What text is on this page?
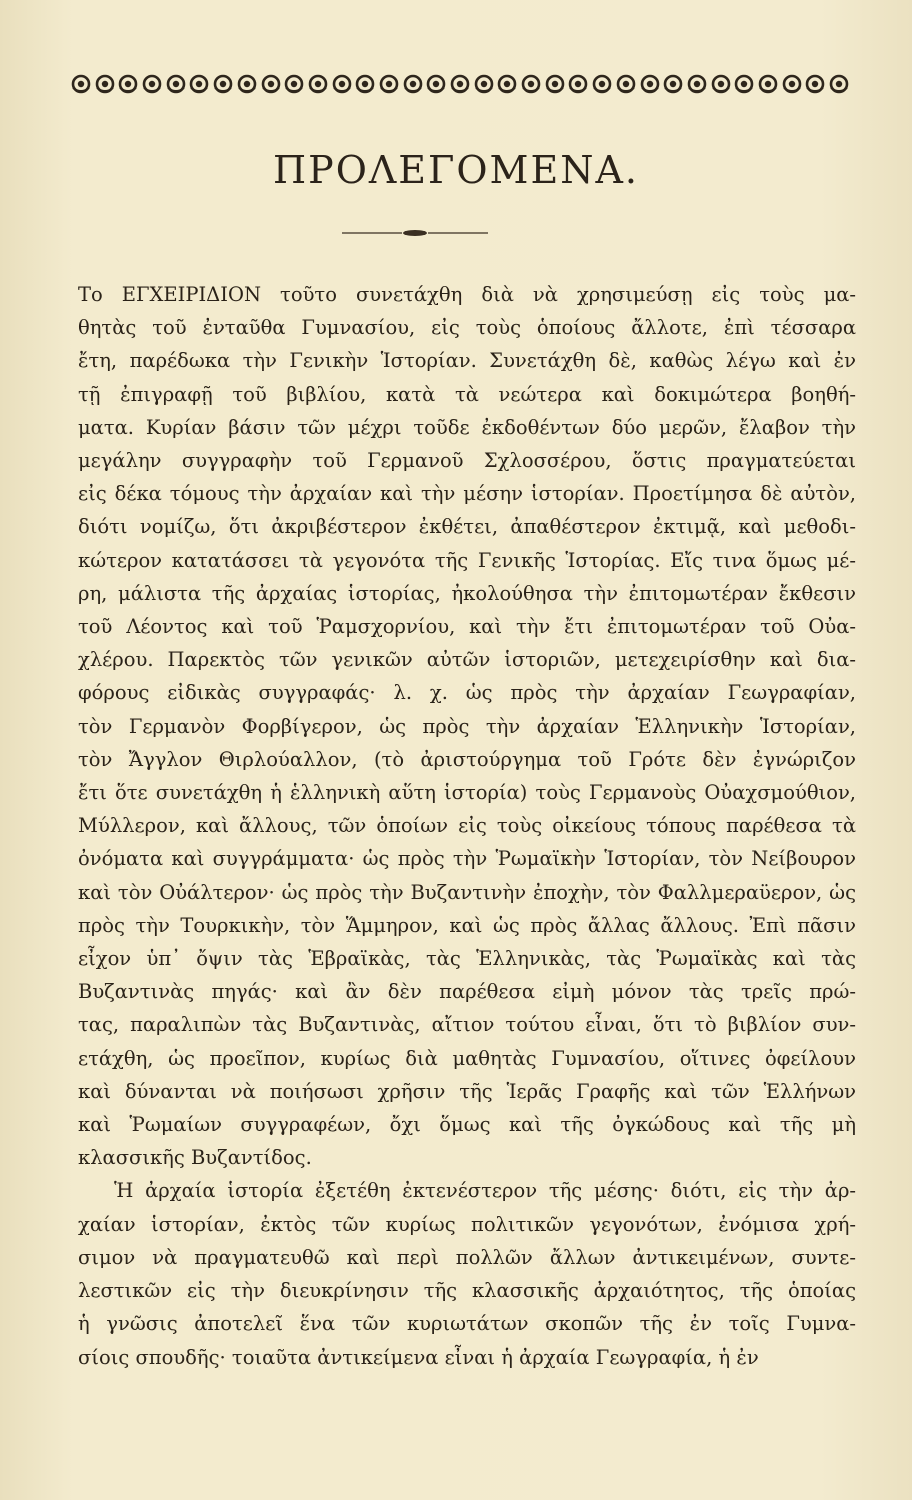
ΠΡΟΛΕΓΟΜΕΝΑ.
Το ΕΓΧΕΙΡΙΔΙΟΝ τοῦτο συνετάχθη διὰ νὰ χρησιμεύσῃ εἰς τοὺς μα-
θητὰς τοῦ ἐνταῦθα Γυμνασίου, εἰς τοὺς ὁποίους ἄλλοτε, ἐπὶ τέσσαρα
ἔτη, παρέδωκα τὴν Γενικὴν Ἱστορίαν. Συνετάχθη δὲ, καθὼς λέγω καὶ ἐν
τῇ ἐπιγραφῇ τοῦ βιβλίου, κατὰ τὰ νεώτερα καὶ δοκιμώτερα βοηθή-
ματα. Κυρίαν βάσιν τῶν μέχρι τοῦδε ἐκδοθέντων δύο μερῶν, ἔλαβον τὴν
μεγάλην συγγραφὴν τοῦ Γερμανοῦ Σχλοσσέρου, ὅστις πραγματεύεται
εἰς δέκα τόμους τὴν ἀρχαίαν καὶ τὴν μέσην ἱστορίαν. Προετίμησα δὲ αὐτὸν,
διότι νομίζω, ὅτι ἀκριβέστερον ἐκθέτει, ἀπαθέστερον ἐκτιμᾷ, καὶ μεθοδι-
κώτερον κατατάσσει τὰ γεγονότα τῆς Γενικῆς Ἱστορίας. Εἴς τινα ὅμως μέ-
ρη, μάλιστα τῆς ἀρχαίας ἱστορίας, ἠκολούθησα τὴν ἐπιτομωτέραν ἔκθεσιν
τοῦ Λέοντος καὶ τοῦ Ῥαμσχορνίου, καὶ τὴν ἔτι ἐπιτομωτέραν τοῦ Οὐα-
χλέρου. Παρεκτὸς τῶν γενικῶν αὐτῶν ἱστοριῶν, μετεχειρίσθην καὶ δια-
φόρους εἰδικὰς συγγραφάς· λ. χ. ὡς πρὸς τὴν ἀρχαίαν Γεωγραφίαν,
τὸν Γερμανὸν Φορβίγερον, ὡς πρὸς τὴν ἀρχαίαν Ἑλληνικὴν Ἱστορίαν,
τὸν Ἄγγλον Θιρλούαλλον, (τὸ ἀριστούργημα τοῦ Γρότε δὲν ἐγνώριζον
ἔτι ὅτε συνετάχθη ἡ ἑλληνικὴ αὕτη ἱστορία) τοὺς Γερμανοὺς Οὐαχσμούθιον,
Μύλλερον, καὶ ἄλλους, τῶν ὁποίων εἰς τοὺς οἰκείους τόπους παρέθεσα τὰ
ὀνόματα καὶ συγγράμματα· ὡς πρὸς τὴν Ῥωμαϊκὴν Ἱστορίαν, τὸν Νείβουρον
καὶ τὸν Οὐάλτερον· ὡς πρὸς τὴν Βυζαντινὴν ἐποχὴν, τὸν Φαλλμεραϋερον, ὡς
πρὸς τὴν Τουρκικὴν, τὸν Ἅμμηρον, καὶ ὡς πρὸς ἄλλας ἄλλους. Ἐπὶ πᾶσιν
εἶχον ὑπ᾽ ὄψιν τὰς Ἑβραϊκὰς, τὰς Ἑλληνικὰς, τὰς Ῥωμαϊκὰς καὶ τὰς
Βυζαντινὰς πηγάς· καὶ ἂν δὲν παρέθεσα εἰμὴ μόνον τὰς τρεῖς πρώ-
τας, παραλιπὼν τὰς Βυζαντινὰς, αἴτιον τούτου εἶναι, ὅτι τὸ βιβλίον συν-
ετάχθη, ὡς προεῖπον, κυρίως διὰ μαθητὰς Γυμνασίου, οἵτινες ὀφείλουν
καὶ δύνανται νὰ ποιήσωσι χρῆσιν τῆς Ἱερᾶς Γραφῆς καὶ τῶν Ἑλλήνων
καὶ Ῥωμαίων συγγραφέων, ὄχι ὅμως καὶ τῆς ὀγκώδους καὶ τῆς μὴ
κλασσικῆς Βυζαντίδος.
Ἡ ἀρχαία ἱστορία ἐξετέθη ἐκτενέστερον τῆς μέσης· διότι, εἰς τὴν ἀρ-
χαίαν ἱστορίαν, ἐκτὸς τῶν κυρίως πολιτικῶν γεγονότων, ἐνόμισα χρή-
σιμον νὰ πραγματευθῶ καὶ περὶ πολλῶν ἄλλων ἀντικειμένων, συντε-
λεστικῶν εἰς τὴν διευκρίνησιν τῆς κλασσικῆς ἀρχαιότητος, τῆς ὁποίας
ἡ γνῶσις ἀποτελεῖ ἕνα τῶν κυριωτάτων σκοπῶν τῆς ἐν τοῖς Γυμνα-
σίοις σπουδῆς· τοιαῦτα ἀντικείμενα εἶναι ἡ ἀρχαία Γεωγραφία, ἡ ἐν
